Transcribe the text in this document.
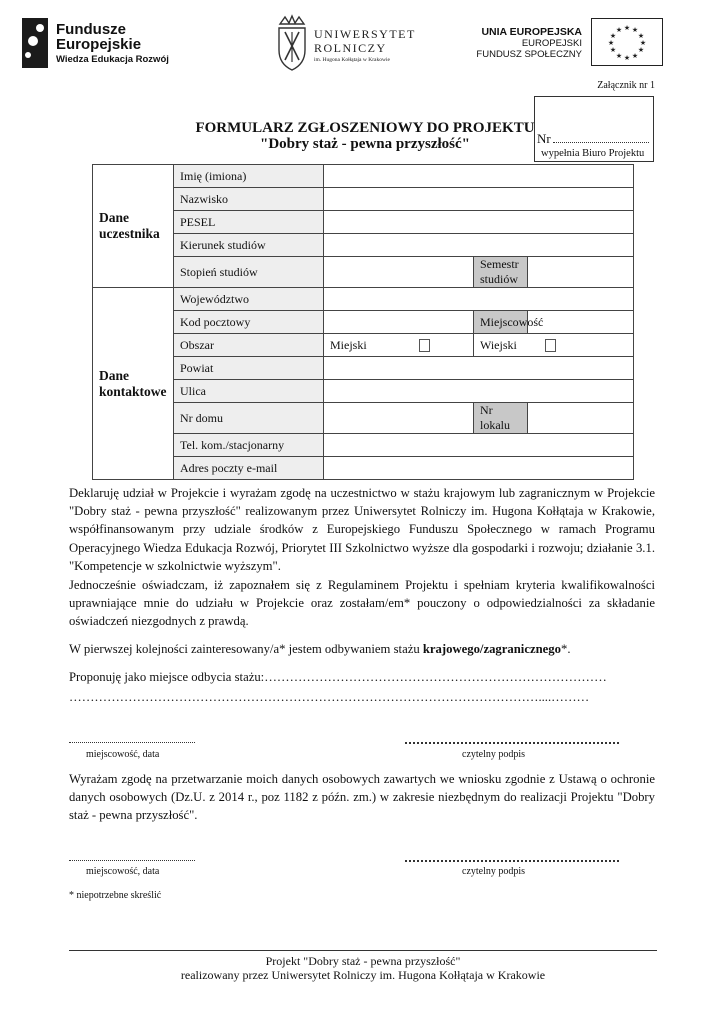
Fundusze
Europejskie
Wiedza Edukacja Rozwój
UNIWERSYTET
ROLNICZY
im. Hugona Kołłątaja w Krakowie
UNIA EUROPEJSKA
EUROPEJSKI
FUNDUSZ SPOŁECZNY
★ ★
★
★
★
★
★
★
★
★
★
★
Załącznik nr 1
FORMULARZ ZGŁOSZENIOWY DO PROJEKTU
"Dobry staż - pewna przyszłość"	Nr
wypełnia Biuro Projektu
Dane uczestnika	Imię (imiona)			
	Nazwisko			
	PESEL			
	Kierunek studiów			
	Stopień studiów		Semestr studiów	
Dane kontaktowe	Województwo			
	Kod pocztowy		Miejscowość	
	Obszar	Miejski	Wiejski	
	Powiat			
	Ulica			
	Nr domu		Nr lokalu	
	Tel. kom./stacjonarny			
	Adres poczty e-mail			
Deklaruję udział w Projekcie i wyrażam zgodę na uczestnictwo w stażu krajowym lub zagranicznym w Projekcie "Dobry staż - pewna przyszłość" realizowanym przez Uniwersytet Rolniczy im. Hugona Kołłątaja w Krakowie, współfinansowanym przy udziale środków z Europejskiego Funduszu Społecznego w ramach Programu Operacyjnego Wiedza Edukacja Rozwój, Priorytet III Szkolnictwo wyższe dla gospodarki i rozwoju; działanie 3.1. "Kompetencje w szkolnictwie wyższym".
Jednocześnie oświadczam, iż zapoznałem się z Regulaminem Projektu i spełniam kryteria kwalifikowalności uprawniające mnie do udziału w Projekcie oraz zostałam/em* pouczony o odpowiedzialności za składanie oświadczeń niezgodnych z prawdą.
W pierwszej kolejności zainteresowany/a* jestem odbywaniem stażu krajowego/zagranicznego*.
Proponuję jako miejsce odbycia stażu:………………………………………………………………………
…………………………………………………………………………………………………....………
miejscowość, data	czytelny podpis
Wyrażam zgodę na przetwarzanie moich danych osobowych zawartych we wniosku zgodnie z Ustawą o ochronie danych osobowych (Dz.U. z 2014 r., poz 1182 z późn. zm.) w zakresie niezbędnym do realizacji Projektu "Dobry staż - pewna przyszłość".
miejscowość, data	czytelny podpis
* niepotrzebne skreślić
Projekt "Dobry staż - pewna przyszłość"
realizowany przez Uniwersytet Rolniczy im. Hugona Kołłątaja w Krakowie
